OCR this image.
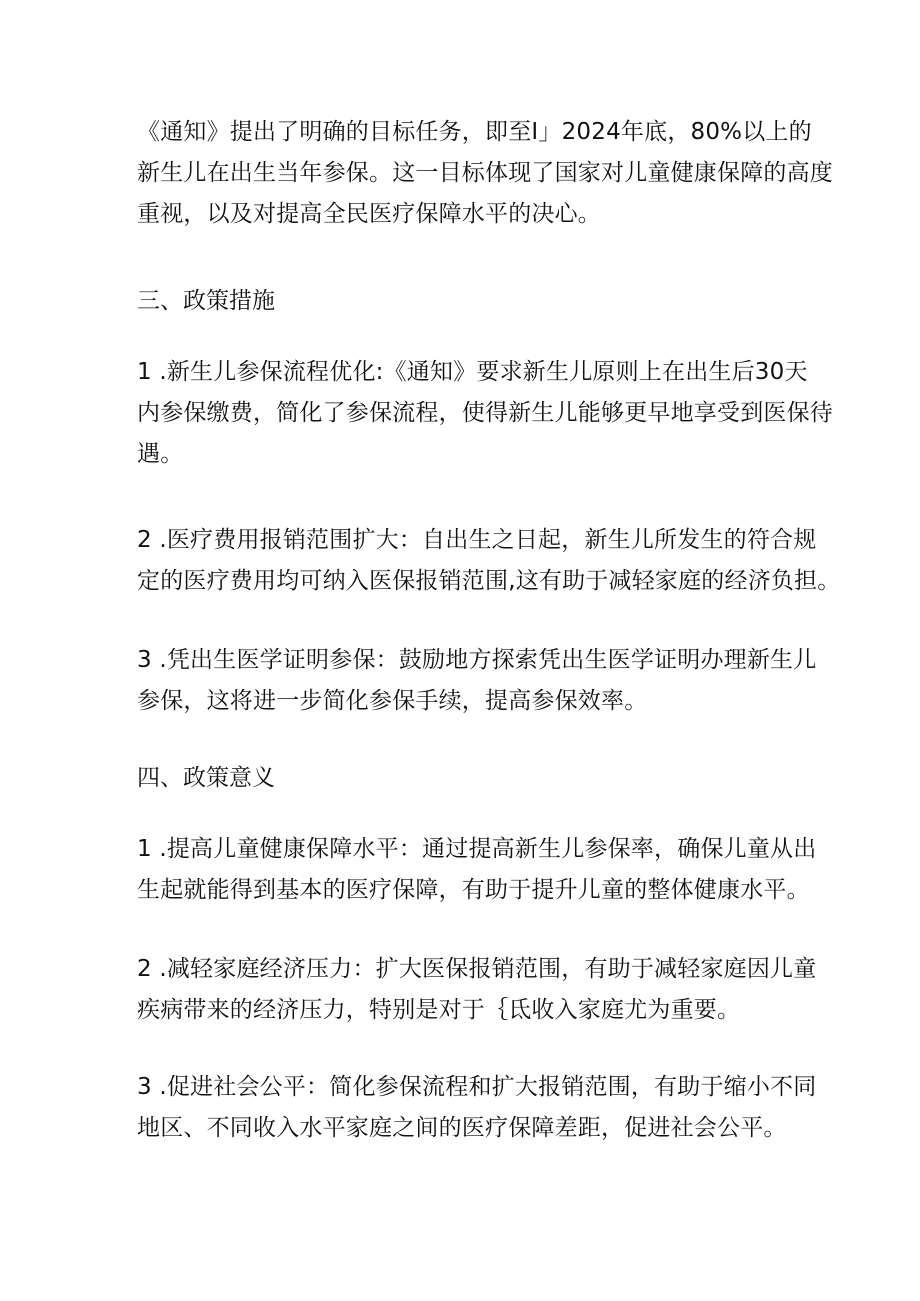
《通知》提出了明确的目标任务，即至I」2024年底，80%以上的
新生儿在出生当年参保。这一目标体现了国家对儿童健康保障的高度
重视，以及对提高全民医疗保障水平的决心。
三、政策措施
1 .新生儿参保流程优化:《通知》要求新生儿原则上在出生后30天
内参保缴费，简化了参保流程，使得新生儿能够更早地享受到医保待
遇。
2 .医疗费用报销范围扩大：自出生之日起，新生儿所发生的符合规
定的医疗费用均可纳入医保报销范围,这有助于减轻家庭的经济负担。
3 .凭出生医学证明参保：鼓励地方探索凭出生医学证明办理新生儿
参保，这将进一步简化参保手续，提高参保效率。
四、政策意义
1 .提高儿童健康保障水平：通过提高新生儿参保率，确保儿童从出
生起就能得到基本的医疗保障，有助于提升儿童的整体健康水平。
2 .减轻家庭经济压力：扩大医保报销范围，有助于减轻家庭因儿童
疾病带来的经济压力，特别是对于｛氐收入家庭尤为重要。
3 .促进社会公平：简化参保流程和扩大报销范围，有助于缩小不同
地区、不同收入水平家庭之间的医疗保障差距，促进社会公平。
